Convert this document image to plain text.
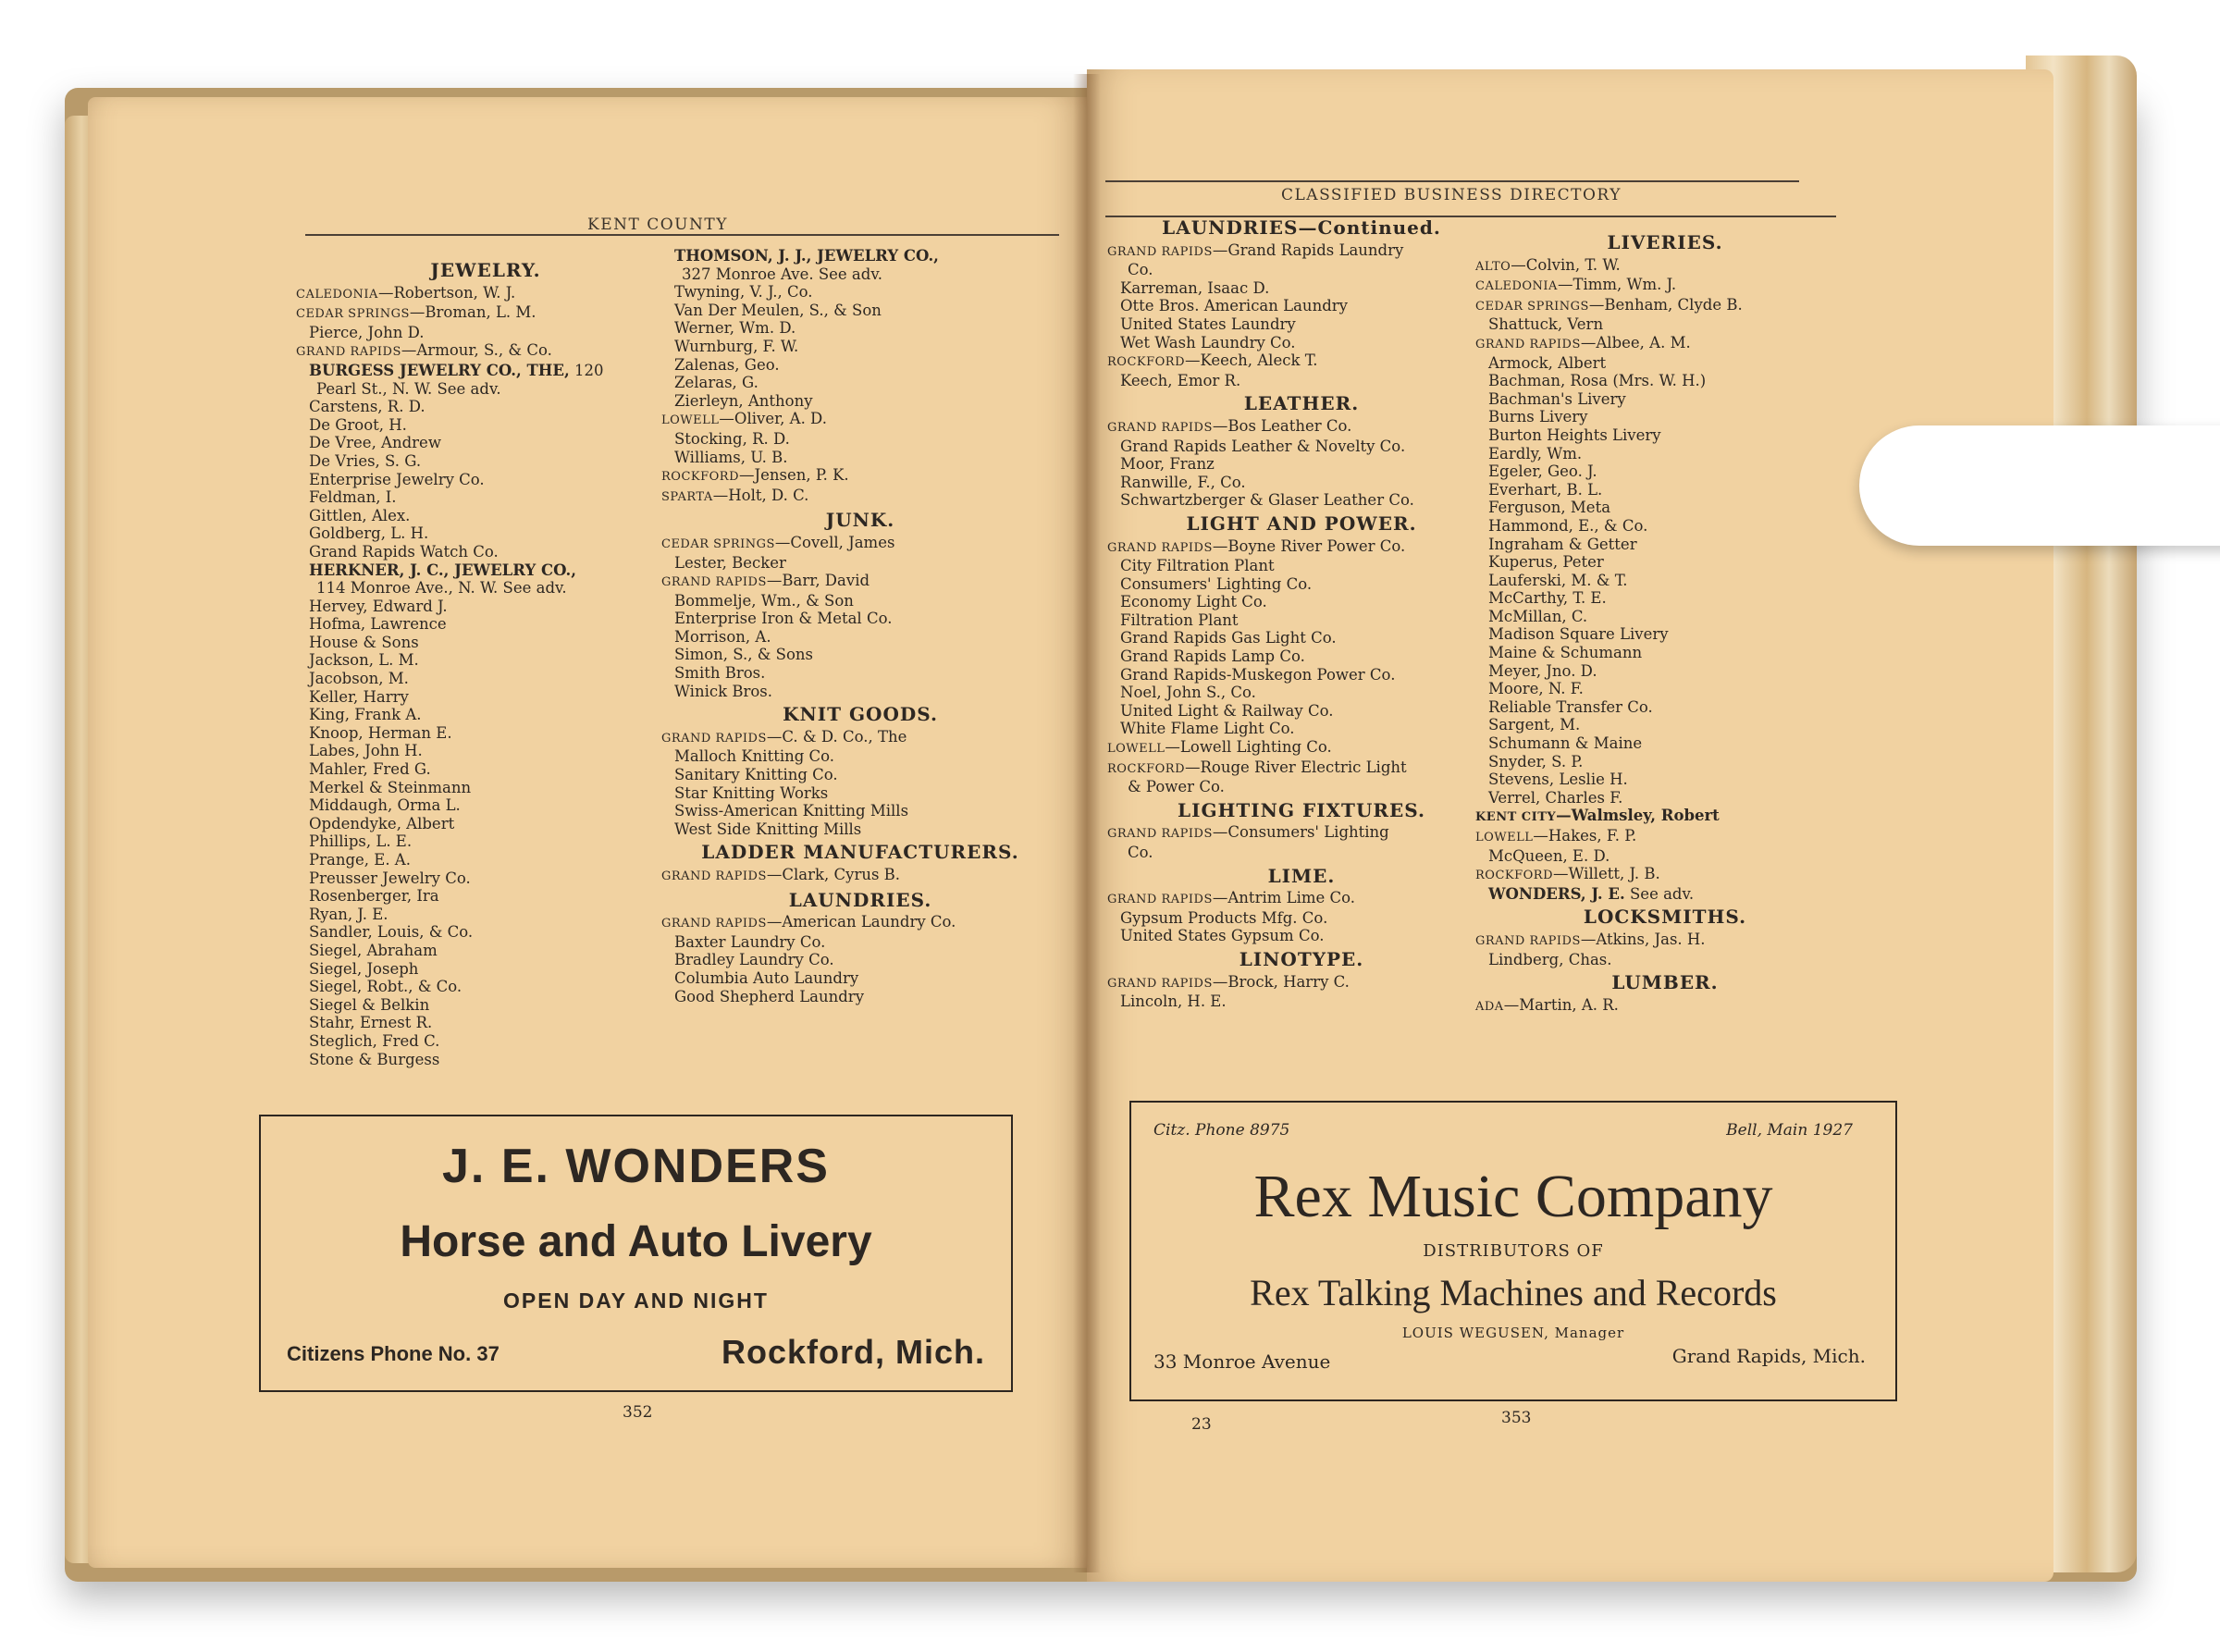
KENT COUNTY
JEWELRY.
CALEDONIA—Robertson, W. J.
CEDAR SPRINGS—Broman, L. M.
Pierce, John D.
GRAND RAPIDS—Armour, S., & Co.
BURGESS JEWELRY CO., THE, 120
Pearl St., N. W. See adv.
Carstens, R. D.
De Groot, H.
De Vree, Andrew
De Vries, S. G.
Enterprise Jewelry Co.
Feldman, I.
Gittlen, Alex.
Goldberg, L. H.
Grand Rapids Watch Co.
HERKNER, J. C., JEWELRY CO.,
114 Monroe Ave., N. W. See adv.
Hervey, Edward J.
Hofma, Lawrence
House & Sons
Jackson, L. M.
Jacobson, M.
Keller, Harry
King, Frank A.
Knoop, Herman E.
Labes, John H.
Mahler, Fred G.
Merkel & Steinmann
Middaugh, Orma L.
Opdendyke, Albert
Phillips, L. E.
Prange, E. A.
Preusser Jewelry Co.
Rosenberger, Ira
Ryan, J. E.
Sandler, Louis, & Co.
Siegel, Abraham
Siegel, Joseph
Siegel, Robt., & Co.
Siegel & Belkin
Stahr, Ernest R.
Steglich, Fred C.
Stone & Burgess
THOMSON, J. J., JEWELRY CO.,
327 Monroe Ave. See adv.
Twyning, V. J., Co.
Van Der Meulen, S., & Son
Werner, Wm. D.
Wurnburg, F. W.
Zalenas, Geo.
Zelaras, G.
Zierleyn, Anthony
LOWELL—Oliver, A. D.
Stocking, R. D.
Williams, U. B.
ROCKFORD—Jensen, P. K.
SPARTA—Holt, D. C.
JUNK.
CEDAR SPRINGS—Covell, James
Lester, Becker
GRAND RAPIDS—Barr, David
Bommelje, Wm., & Son
Enterprise Iron & Metal Co.
Morrison, A.
Simon, S., & Sons
Smith Bros.
Winick Bros.
KNIT GOODS.
GRAND RAPIDS—C. & D. Co., The
Malloch Knitting Co.
Sanitary Knitting Co.
Star Knitting Works
Swiss-American Knitting Mills
West Side Knitting Mills
LADDER MANUFACTURERS.
GRAND RAPIDS—Clark, Cyrus B.
LAUNDRIES.
GRAND RAPIDS—American Laundry Co.
Baxter Laundry Co.
Bradley Laundry Co.
Columbia Auto Laundry
Good Shepherd Laundry
J. E. WONDERS
Horse and Auto Livery
OPEN DAY AND NIGHT
Citizens Phone No. 37	Rockford, Mich.
352
CLASSIFIED BUSINESS DIRECTORY
LAUNDRIES—Continued.
GRAND RAPIDS—Grand Rapids Laundry
Co.
Karreman, Isaac D.
Otte Bros. American Laundry
United States Laundry
Wet Wash Laundry Co.
ROCKFORD—Keech, Aleck T.
Keech, Emor R.
LEATHER.
GRAND RAPIDS—Bos Leather Co.
Grand Rapids Leather & Novelty Co.
Moor, Franz
Ranwille, F., Co.
Schwartzberger & Glaser Leather Co.
LIGHT AND POWER.
GRAND RAPIDS—Boyne River Power Co.
City Filtration Plant
Consumers' Lighting Co.
Economy Light Co.
Filtration Plant
Grand Rapids Gas Light Co.
Grand Rapids Lamp Co.
Grand Rapids-Muskegon Power Co.
Noel, John S., Co.
United Light & Railway Co.
White Flame Light Co.
LOWELL—Lowell Lighting Co.
ROCKFORD—Rouge River Electric Light
& Power Co.
LIGHTING FIXTURES.
GRAND RAPIDS—Consumers' Lighting
Co.
LIME.
GRAND RAPIDS—Antrim Lime Co.
Gypsum Products Mfg. Co.
United States Gypsum Co.
LINOTYPE.
GRAND RAPIDS—Brock, Harry C.
Lincoln, H. E.
LIVERIES.
ALTO—Colvin, T. W.
CALEDONIA—Timm, Wm. J.
CEDAR SPRINGS—Benham, Clyde B.
Shattuck, Vern
GRAND RAPIDS—Albee, A. M.
Armock, Albert
Bachman, Rosa (Mrs. W. H.)
Bachman's Livery
Burns Livery
Burton Heights Livery
Eardly, Wm.
Egeler, Geo. J.
Everhart, B. L.
Ferguson, Meta
Hammond, E., & Co.
Ingraham & Getter
Kuperus, Peter
Lauferski, M. & T.
McCarthy, T. E.
McMillan, C.
Madison Square Livery
Maine & Schumann
Meyer, Jno. D.
Moore, N. F.
Reliable Transfer Co.
Sargent, M.
Schumann & Maine
Snyder, S. P.
Stevens, Leslie H.
Verrel, Charles F.
KENT CITY—Walmsley, Robert
LOWELL—Hakes, F. P.
McQueen, E. D.
ROCKFORD—Willett, J. B.
WONDERS, J. E. See adv.
LOCKSMITHS.
GRAND RAPIDS—Atkins, Jas. H.
Lindberg, Chas.
LUMBER.
ADA—Martin, A. R.
Citz. Phone 8975	Bell, Main 1927
Rex Music Company
DISTRIBUTORS OF
Rex Talking Machines and Records
LOUIS WEGUSEN, Manager
33 Monroe Avenue	Grand Rapids, Mich.
23	353
